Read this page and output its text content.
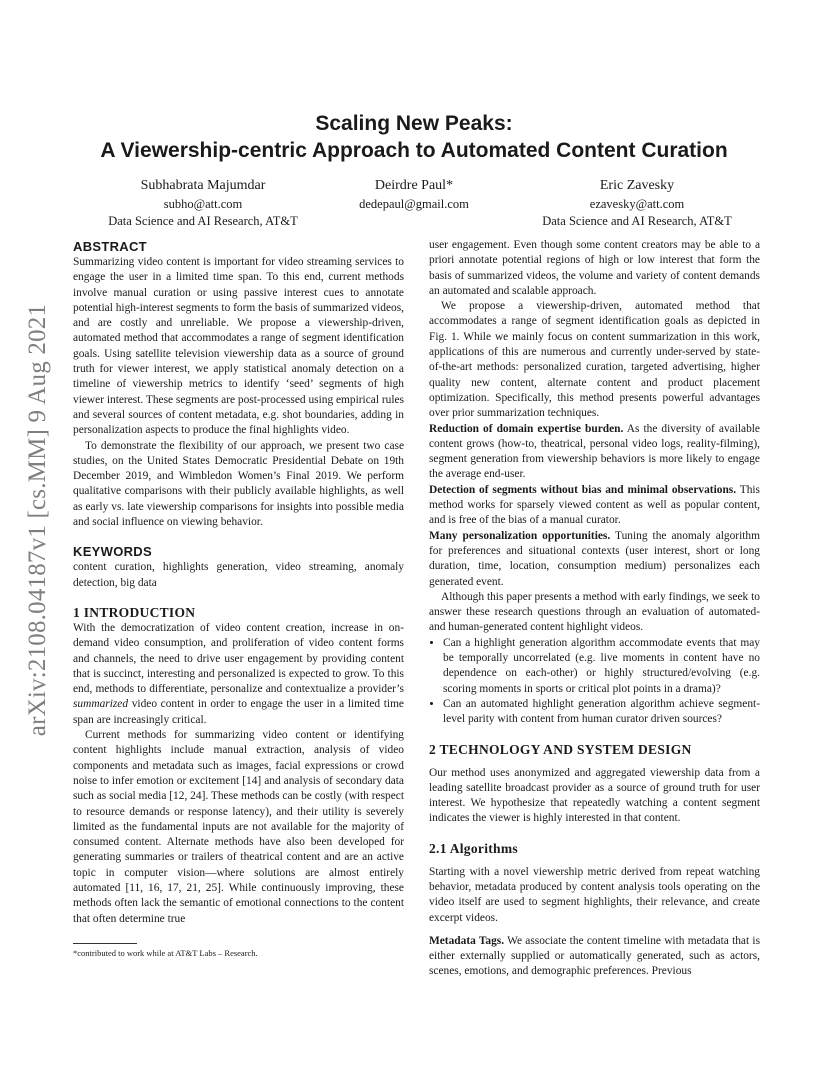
arXiv:2108.04187v1 [cs.MM] 9 Aug 2021
Scaling New Peaks:
A Viewership-centric Approach to Automated Content Curation
Subhabrata Majumdar
subho@att.com
Data Science and AI Research, AT&T
Deirdre Paul*
dedepaul@gmail.com
Eric Zavesky
ezavesky@att.com
Data Science and AI Research, AT&T
ABSTRACT

Summarizing video content is important for video streaming services to engage the user in a limited time span. To this end, current methods involve manual curation or using passive interest cues to annotate potential high-interest segments to form the basis of summarized videos, and are costly and unreliable. We propose a viewership-driven, automated method that accommodates a range of segment identification goals. Using satellite television viewership data as a source of ground truth for viewer interest, we apply statistical anomaly detection on a timeline of viewership metrics to identify ‘seed’ segments of high viewer interest. These segments are post-processed using empirical rules and several sources of content metadata, e.g. shot boundaries, adding in personalization aspects to produce the final highlights video.

To demonstrate the flexibility of our approach, we present two case studies, on the United States Democratic Presidential Debate on 19th December 2019, and Wimbledon Women’s Final 2019. We perform qualitative comparisons with their publicly available highlights, as well as early vs. late viewership comparisons for insights into possible media and social influence on viewing behavior.

KEYWORDS

content curation, highlights generation, video streaming, anomaly detection, big data

1 INTRODUCTION

With the democratization of video content creation, increase in on-demand video consumption, and proliferation of video content forms and channels, the need to drive user engagement by providing content that is succinct, interesting and personalized is expected to grow. To this end, methods to differentiate, personalize and contextualize a provider’s summarized video content in order to engage the user in a limited time span are increasingly critical.

Current methods for summarizing video content or identifying content highlights include manual extraction, analysis of video components and metadata such as images, facial expressions or crowd noise to infer emotion or excitement [14] and analysis of secondary data such as social media [12, 24]. These methods can be costly (with respect to resource demands or response latency), and their utility is severely limited as the fundamental inputs are not available for the majority of consumed content. Alternate methods have also been developed for generating summaries or trailers of theatrical content and are an active topic in computer vision—where solutions are almost entirely automated [11, 16, 17, 21, 25]. While continuously improving, these methods often lack the semantic of emotional connections to the content that often determine true

user engagement. Even though some content creators may be able to a priori annotate potential regions of high or low interest that form the basis of summarized videos, the volume and variety of content demands an automated and scalable approach.

We propose a viewership-driven, automated method that accommodates a range of segment identification goals as depicted in Fig. 1. While we mainly focus on content summarization in this work, applications of this are numerous and currently under-served by state-of-the-art methods: personalized curation, targeted advertising, higher quality new content, alternate content and product placement optimization. Specifically, this method presents powerful advantages over prior summarization techniques.

Reduction of domain expertise burden. As the diversity of available content grows (how-to, theatrical, personal video logs, reality-filming), segment generation from viewership behaviors is more likely to engage the average end-user.

Detection of segments without bias and minimal observations. This method works for sparsely viewed content as well as popular content, and is free of the bias of a manual curator.

Many personalization opportunities. Tuning the anomaly algorithm for preferences and situational contexts (user interest, short or long duration, time, location, consumption medium) personalizes each generated event.

Although this paper presents a method with early findings, we seek to answer these research questions through an evaluation of automated- and human-generated content highlight videos.

• Can a highlight generation algorithm accommodate events that may be temporally uncorrelated (e.g. live moments in content have no dependence on each-other) or highly structured/evolving (e.g. scoring moments in sports or critical plot points in a drama)?
• Can an automated highlight generation algorithm achieve segment-level parity with content from human curator driven sources?
2 TECHNOLOGY AND SYSTEM DESIGN

Our method uses anonymized and aggregated viewership data from a leading satellite broadcast provider as a source of ground truth for user interest. We hypothesize that repeatedly watching a content segment indicates the viewer is highly interested in that content.

2.1 Algorithms

Starting with a novel viewership metric derived from repeat watching behavior, metadata produced by content analysis tools operating on the video itself are used to segment highlights, their relevance, and create excerpt videos.

Metadata Tags. We associate the content timeline with metadata that is either externally supplied or automatically generated, such as actors, scenes, emotions, and demographic preferences. Previous

*contributed to work while at AT&T Labs – Research.
